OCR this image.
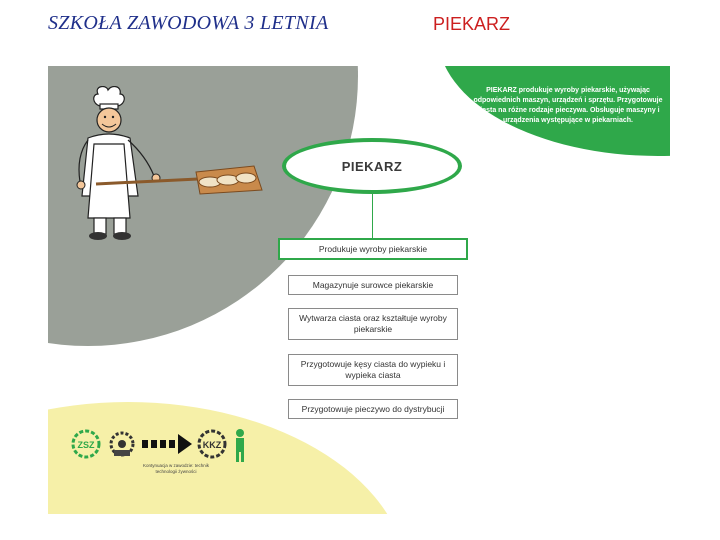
SZKOŁA ZAWODOWA 3 LETNIA	PIEKARZ
PIEKARZ produkuje wyroby piekarskie, używając odpowiednich maszyn, urządzeń i sprzętu. Przygotowuje ciasta na różne rodzaje pieczywa. Obsługuje maszyny i urządzenia występujące w piekarniach.
PIEKARZ
Produkuje wyroby piekarskie
Magazynuje surowce piekarskie
Wytwarza ciasta oraz kształtuje wyroby piekarskie
Przygotowuje kęsy ciasta do wypieku i wypieka ciasta
Przygotowuje pieczywo do dystrybucji
ZSZ	KKZ
Kontynuacja w zawodzie: technik technologii żywności
